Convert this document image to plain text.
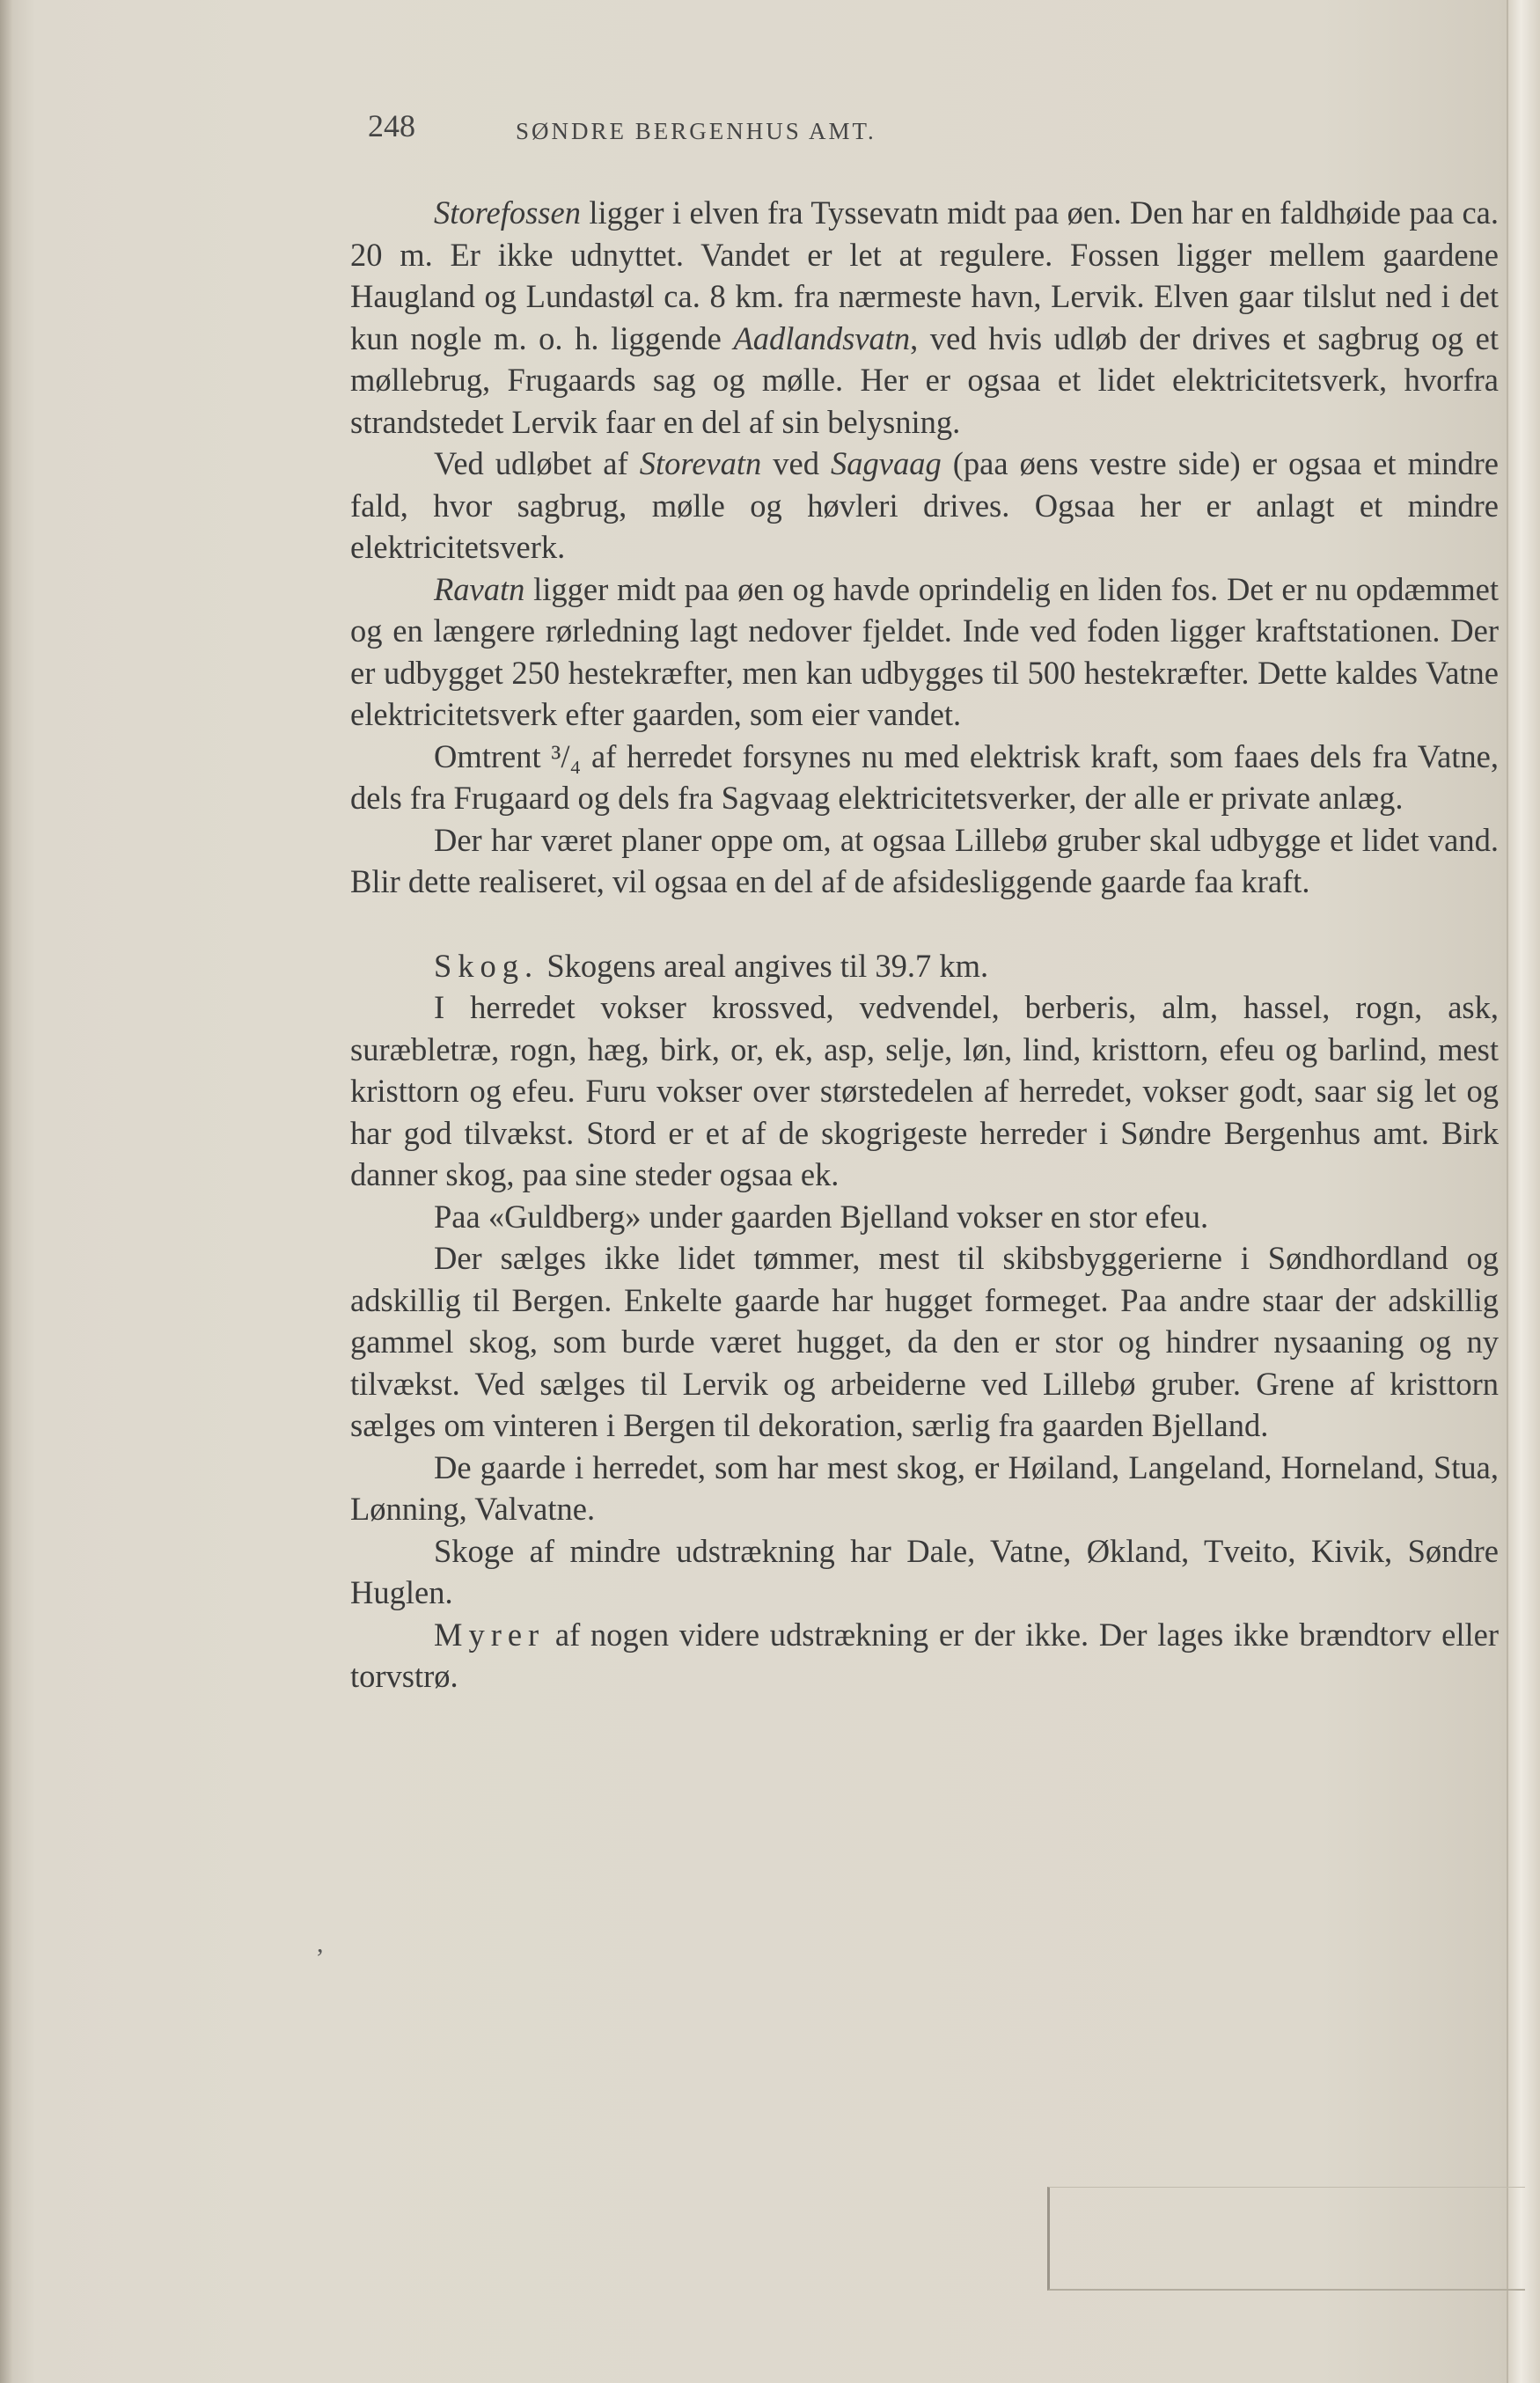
248	SØNDRE BERGENHUS AMT.

Storefossen ligger i elven fra Tyssevatn midt paa øen. Den har en faldhøide paa ca. 20 m. Er ikke udnyttet. Vandet er let at regulere. Fossen ligger mellem gaardene Haugland og Lundastøl ca. 8 km. fra nærmeste havn, Lervik. Elven gaar tilslut ned i det kun nogle m. o. h. liggende Aadlandsvatn, ved hvis udløb der drives et sagbrug og et møllebrug, Frugaards sag og mølle. Her er ogsaa et lidet elektricitetsverk, hvorfra strandstedet Lervik faar en del af sin belysning.

Ved udløbet af Storevatn ved Sagvaag (paa øens vestre side) er ogsaa et mindre fald, hvor sagbrug, mølle og høvleri drives. Ogsaa her er anlagt et mindre elektricitetsverk.

Ravatn ligger midt paa øen og havde oprindelig en liden fos. Det er nu opdæmmet og en længere rørledning lagt nedover fjeldet. Inde ved foden ligger kraftstationen. Der er udbygget 250 hestekræfter, men kan udbygges til 500 hestekræfter. Dette kaldes Vatne elektricitetsverk efter gaarden, som eier vandet.

Omtrent ³/₄ af herredet forsynes nu med elektrisk kraft, som faaes dels fra Vatne, dels fra Frugaard og dels fra Sagvaag elektricitetsverker, der alle er private anlæg.

Der har været planer oppe om, at ogsaa Lillebø gruber skal udbygge et lidet vand. Blir dette realiseret, vil ogsaa en del af de afsidesliggende gaarde faa kraft.

Skog. Skogens areal angives til 39.7 km.

I herredet vokser krossved, vedvendel, berberis, alm, hassel, rogn, ask, suræbletræ, rogn, hæg, birk, or, ek, asp, selje, løn, lind, kristtorn, efeu og barlind, mest kristtorn og efeu. Furu vokser over størstedelen af herredet, vokser godt, saar sig let og har god tilvækst. Stord er et af de skogrigeste herreder i Søndre Bergenhus amt. Birk danner skog, paa sine steder ogsaa ek.

Paa «Guldberg» under gaarden Bjelland vokser en stor efeu.

Der sælges ikke lidet tømmer, mest til skibsbyggerierne i Søndhordland og adskillig til Bergen. Enkelte gaarde har hugget formeget. Paa andre staar der adskillig gammel skog, som burde været hugget, da den er stor og hindrer nysaaning og ny tilvækst. Ved sælges til Lervik og arbeiderne ved Lillebø gruber. Grene af kristtorn sælges om vinteren i Bergen til dekoration, særlig fra gaarden Bjelland.

De gaarde i herredet, som har mest skog, er Høiland, Langeland, Horneland, Stua, Lønning, Valvatne.

Skoge af mindre udstrækning har Dale, Vatne, Økland, Tveito, Kivik, Søndre Huglen.

Myrer af nogen videre udstrækning er der ikke. Der lages ikke brændtorv eller torvstrø.

,
